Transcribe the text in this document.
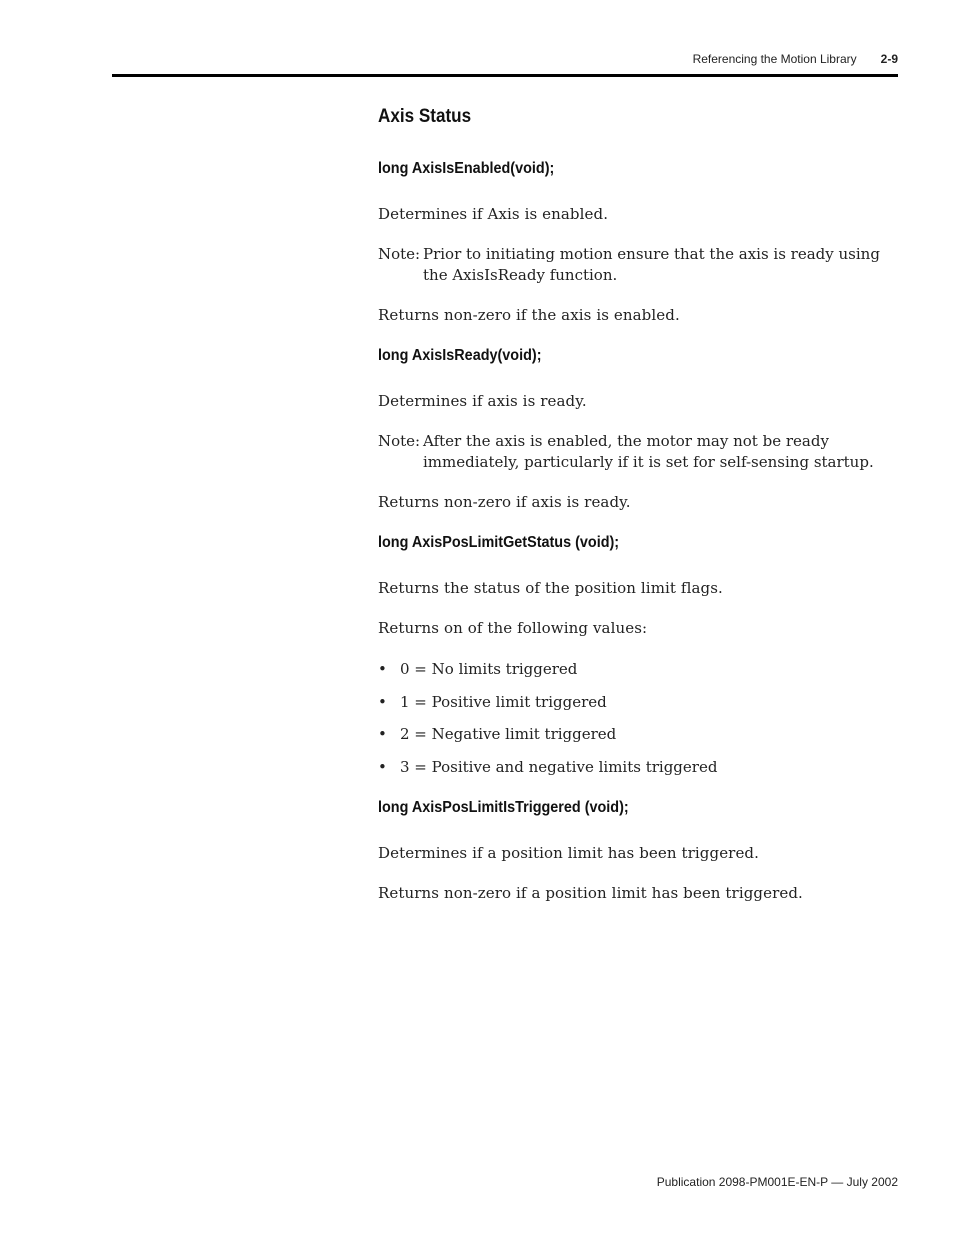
Referencing the Motion Library 2-9
Axis Status
long AxisIsEnabled(void);

Determines if Axis is enabled.

Note: Prior to initiating motion ensure that the axis is ready using the AxisIsReady function.

Returns non-zero if the axis is enabled.

long AxisIsReady(void);

Determines if axis is ready.

Note: After the axis is enabled, the motor may not be ready immediately, particularly if it is set for self-sensing startup.

Returns non-zero if axis is ready.

long AxisPosLimitGetStatus (void);

Returns the status of the position limit flags.

Returns on of the following values:

• 0 = No limits triggered
• 1 = Positive limit triggered
• 2 = Negative limit triggered
• 3 = Positive and negative limits triggered
long AxisPosLimitIsTriggered (void);

Determines if a position limit has been triggered.

Returns non-zero if a position limit has been triggered.

Publication 2098-PM001E-EN-P — July 2002
